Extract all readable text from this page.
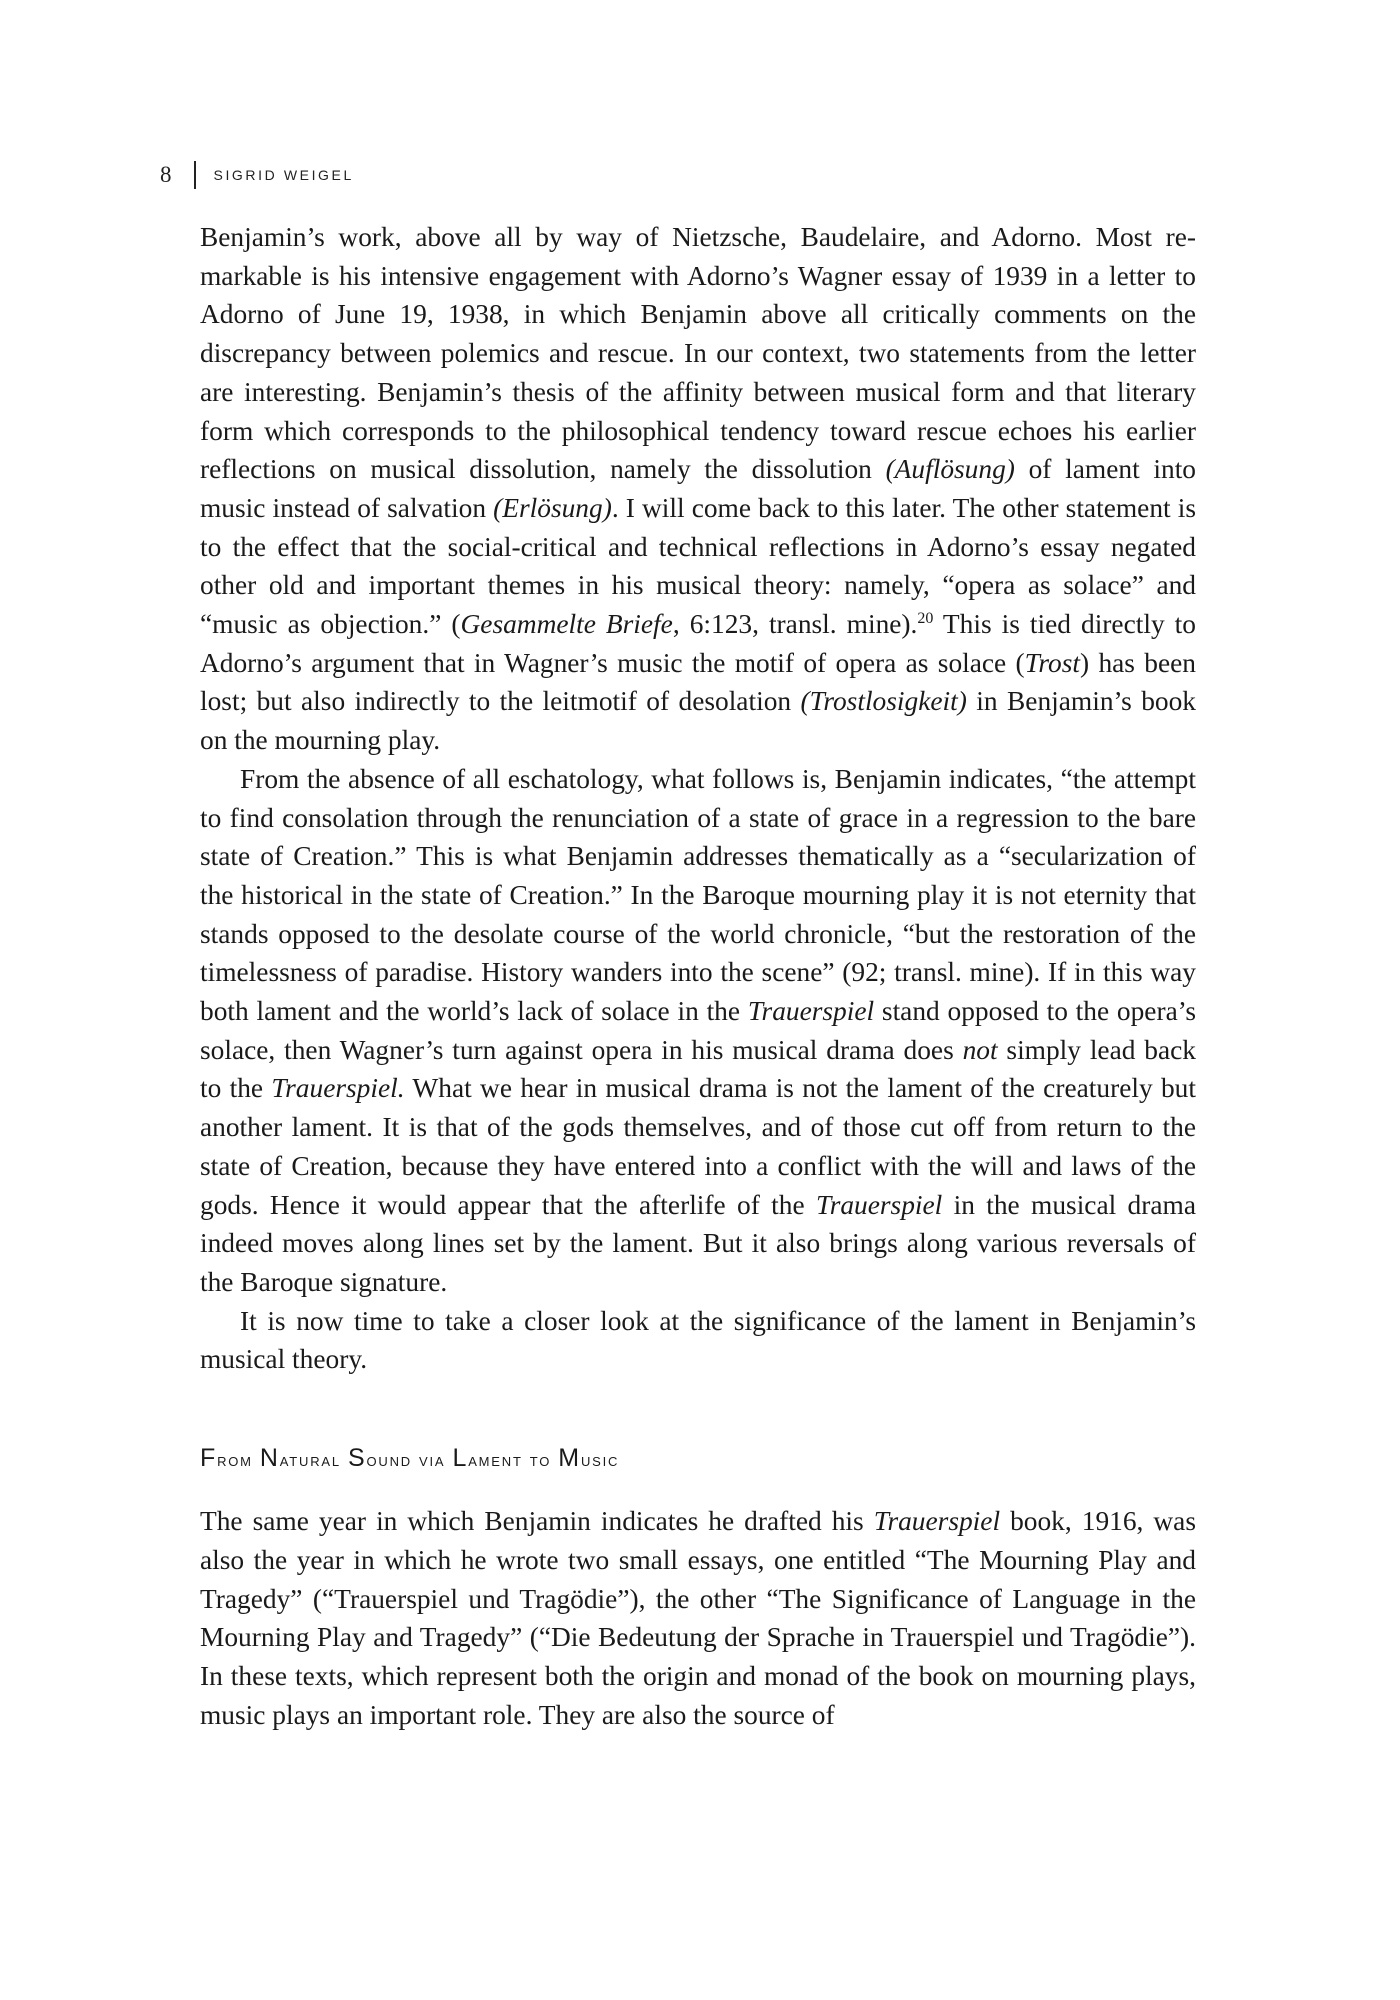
8	SIGRID WEIGEL

Benjamin’s work, above all by way of Nietzsche, Baudelaire, and Adorno. Most remarkable is his intensive engagement with Adorno’s Wagner essay of 1939 in a letter to Adorno of June 19, 1938, in which Benjamin above all critically comments on the discrepancy between polemics and rescue. In our context, two statements from the letter are interesting. Benjamin’s thesis of the affinity between musical form and that literary form which corresponds to the philosophical tendency toward rescue echoes his earlier reflections on musical dissolution, namely the dissolution (Auflösung) of lament into music instead of salvation (Erlösung). I will come back to this later. The other statement is to the effect that the social-critical and technical reflections in Adorno’s essay negated other old and important themes in his musical theory: namely, “opera as solace” and “music as objection.” (Gesammelte Briefe, 6:123, transl. mine).$^{20}$ This is tied directly to Adorno’s argument that in Wagner’s music the motif of opera as solace (Trost) has been lost; but also indirectly to the leitmotif of desolation (Trostlosigkeit) in Benjamin’s book on the mourning play.

From the absence of all eschatology, what follows is, Benjamin indicates, “the attempt to find consolation through the renunciation of a state of grace in a regression to the bare state of Creation.” This is what Benjamin addresses thematically as a “secularization of the historical in the state of Creation.” In the Baroque mourning play it is not eternity that stands opposed to the desolate course of the world chronicle, “but the restoration of the timelessness of paradise. History wanders into the scene” (92; transl. mine). If in this way both lament and the world’s lack of solace in the Trauerspiel stand opposed to the opera’s solace, then Wagner’s turn against opera in his musical drama does not simply lead back to the Trauerspiel. What we hear in musical drama is not the lament of the creaturely but another lament. It is that of the gods themselves, and of those cut off from return to the state of Creation, because they have entered into a conflict with the will and laws of the gods. Hence it would appear that the afterlife of the Trauerspiel in the musical drama indeed moves along lines set by the lament. But it also brings along various reversals of the Baroque signature.

It is now time to take a closer look at the significance of the lament in Benjamin’s musical theory.

From Natural Sound via Lament to Music

The same year in which Benjamin indicates he drafted his Trauerspiel book, 1916, was also the year in which he wrote two small essays, one entitled “The Mourning Play and Tragedy” (“Trauerspiel und Tragödie”), the other “The Significance of Language in the Mourning Play and Tragedy” (“Die Bedeutung der Sprache in Trauerspiel und Tragödie”). In these texts, which represent both the origin and monad of the book on mourning plays, music plays an important role. They are also the source of
